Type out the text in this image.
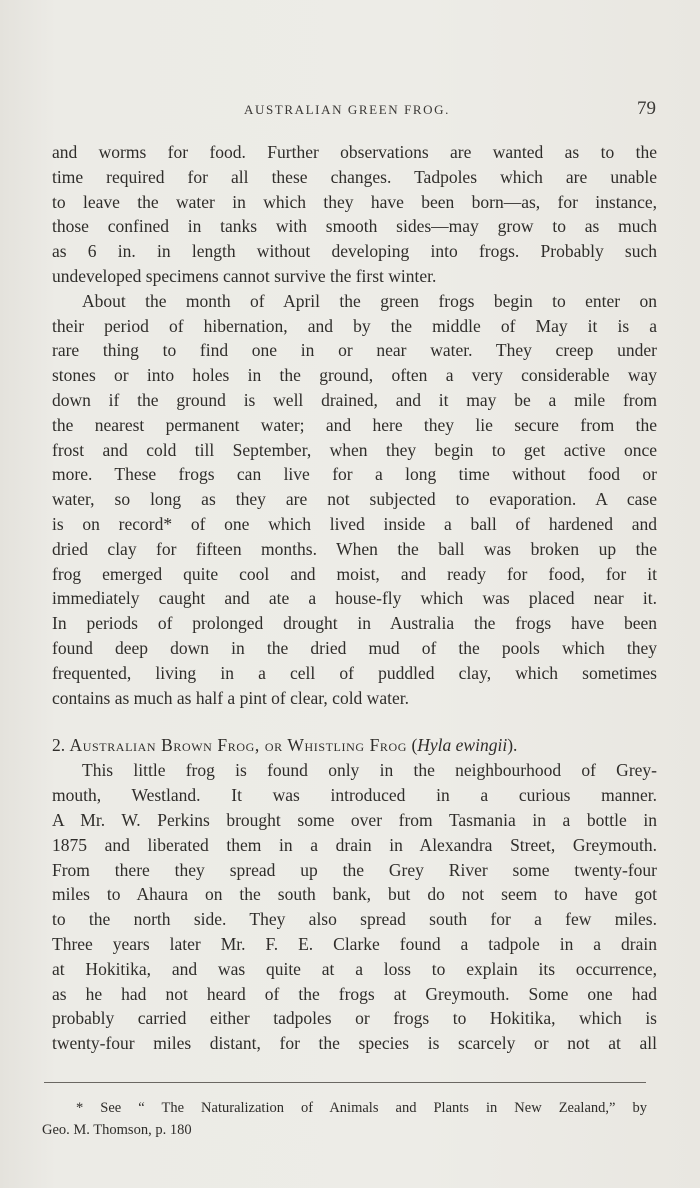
AUSTRALIAN GREEN FROG.	79
and worms for food. Further observations are wanted as to the
time required for all these changes. Tadpoles which are unable
to leave the water in which they have been born—as, for instance,
those confined in tanks with smooth sides—may grow to as much
as 6 in. in length without developing into frogs. Probably such
undeveloped specimens cannot survive the first winter.
About the month of April the green frogs begin to enter on
their period of hibernation, and by the middle of May it is a
rare thing to find one in or near water. They creep under
stones or into holes in the ground, often a very considerable way
down if the ground is well drained, and it may be a mile from
the nearest permanent water; and here they lie secure from the
frost and cold till September, when they begin to get active once
more. These frogs can live for a long time without food or
water, so long as they are not subjected to evaporation. A case
is on record* of one which lived inside a ball of hardened and
dried clay for fifteen months. When the ball was broken up the
frog emerged quite cool and moist, and ready for food, for it
immediately caught and ate a house-fly which was placed near it.
In periods of prolonged drought in Australia the frogs have been
found deep down in the dried mud of the pools which they
frequented, living in a cell of puddled clay, which sometimes
contains as much as half a pint of clear, cold water.
2. Australian Brown Frog, or Whistling Frog (Hyla ewingii).
This little frog is found only in the neighbourhood of Grey-
mouth, Westland. It was introduced in a curious manner.
A Mr. W. Perkins brought some over from Tasmania in a bottle in
1875 and liberated them in a drain in Alexandra Street, Greymouth.
From there they spread up the Grey River some twenty-four
miles to Ahaura on the south bank, but do not seem to have got
to the north side. They also spread south for a few miles.
Three years later Mr. F. E. Clarke found a tadpole in a drain
at Hokitika, and was quite at a loss to explain its occurrence,
as he had not heard of the frogs at Greymouth. Some one had
probably carried either tadpoles or frogs to Hokitika, which is
twenty-four miles distant, for the species is scarcely or not at all
* See “ The Naturalization of Animals and Plants in New Zealand,” by
Geo. M. Thomson, p. 180
